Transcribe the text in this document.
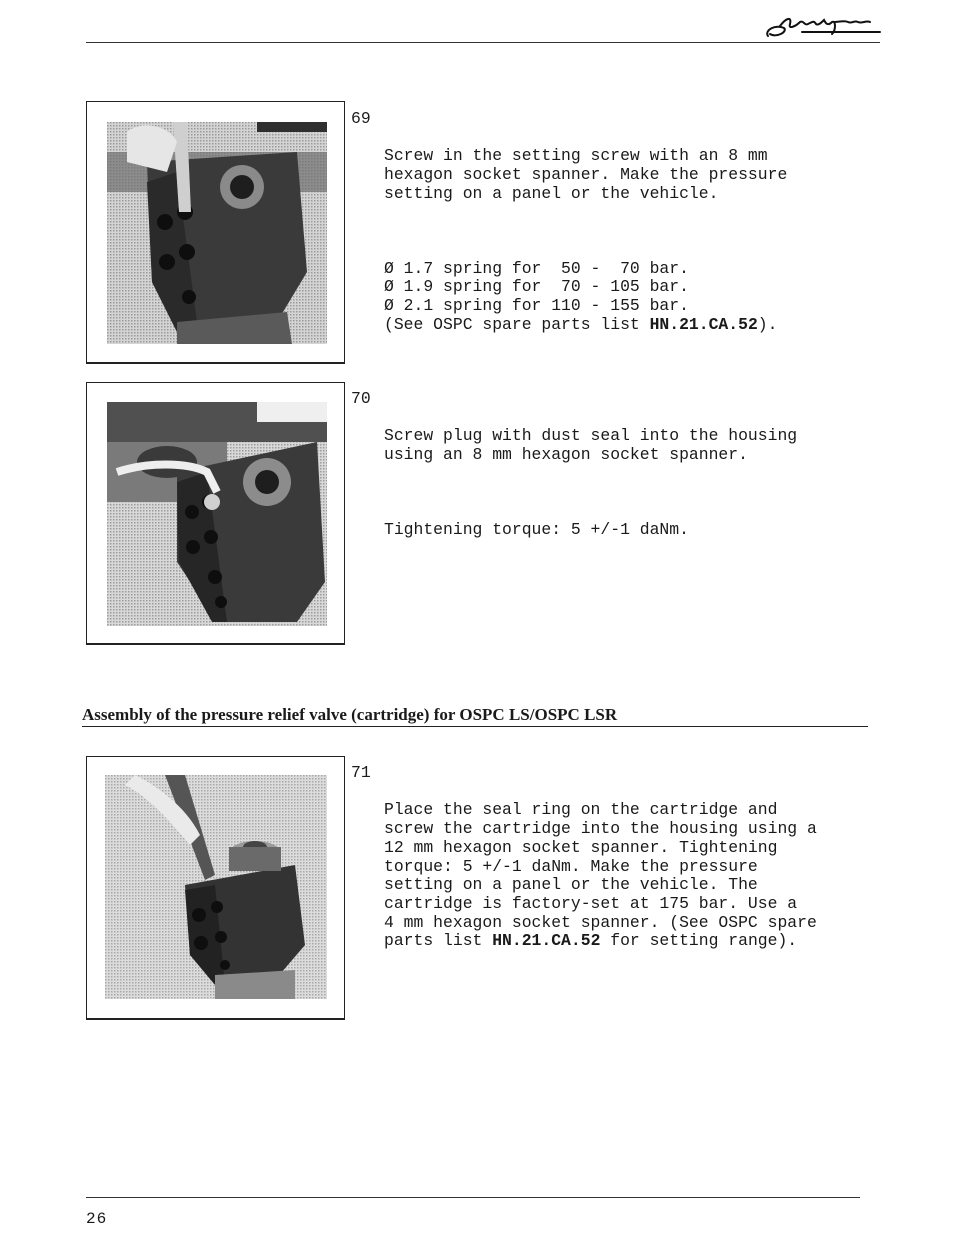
69

Screw in the setting screw with an 8 mm
hexagon socket spanner. Make the pressure
setting on a panel or the vehicle.

Ø 1.7 spring for  50 -  70 bar.
Ø 1.9 spring for  70 - 105 bar.
Ø 2.1 spring for 110 - 155 bar.
(See OSPC spare parts list HN.21.CA.52).

70

Screw plug with dust seal into the housing
using an 8 mm hexagon socket spanner.

Tightening torque: 5 +/-1 daNm.

Assembly of the pressure relief valve (cartridge) for OSPC LS/OSPC LSR

71

Place the seal ring on the cartridge and
screw the cartridge into the housing using a
12 mm hexagon socket spanner. Tightening
torque: 5 +/-1 daNm. Make the pressure
setting on a panel or the vehicle. The
cartridge is factory-set at 175 bar. Use a
4 mm hexagon socket spanner. (See OSPC spare
parts list HN.21.CA.52 for setting range).

26
